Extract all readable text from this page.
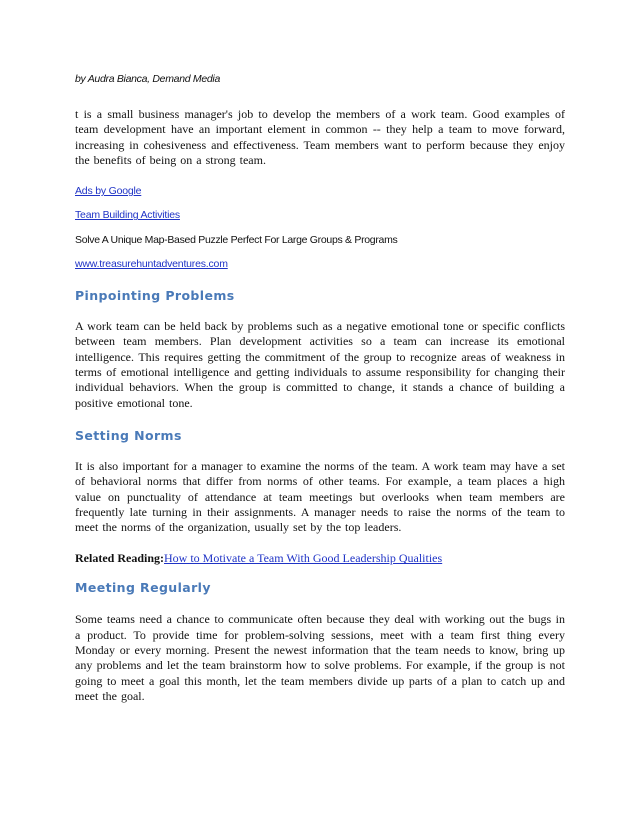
by Audra Bianca, Demand Media

t is a small business manager's job to develop the members of a work team. Good examples of team development have an important element in common -- they help a team to move forward, increasing in cohesiveness and effectiveness. Team members want to perform because they enjoy the benefits of being on a strong team.

Ads by Google
Team Building Activities
Solve A Unique Map-Based Puzzle Perfect For Large Groups & Programs
www.treasurehuntadventures.com
Pinpointing Problems

A work team can be held back by problems such as a negative emotional tone or specific conflicts between team members. Plan development activities so a team can increase its emotional intelligence. This requires getting the commitment of the group to recognize areas of weakness in terms of emotional intelligence and getting individuals to assume responsibility for changing their individual behaviors. When the group is committed to change, it stands a chance of building a positive emotional tone.

Setting Norms

It is also important for a manager to examine the norms of the team. A work team may have a set of behavioral norms that differ from norms of other teams. For example, a team places a high value on punctuality of attendance at team meetings but overlooks when team members are frequently late turning in their assignments. A manager needs to raise the norms of the team to meet the norms of the organization, usually set by the top leaders.

Related Reading:How to Motivate a Team With Good Leadership Qualities
Meeting Regularly

Some teams need a chance to communicate often because they deal with working out the bugs in a product. To provide time for problem-solving sessions, meet with a team first thing every Monday or every morning. Present the newest information that the team needs to know, bring up any problems and let the team brainstorm how to solve problems. For example, if the group is not going to meet a goal this month, let the team members divide up parts of a plan to catch up and meet the goal.
